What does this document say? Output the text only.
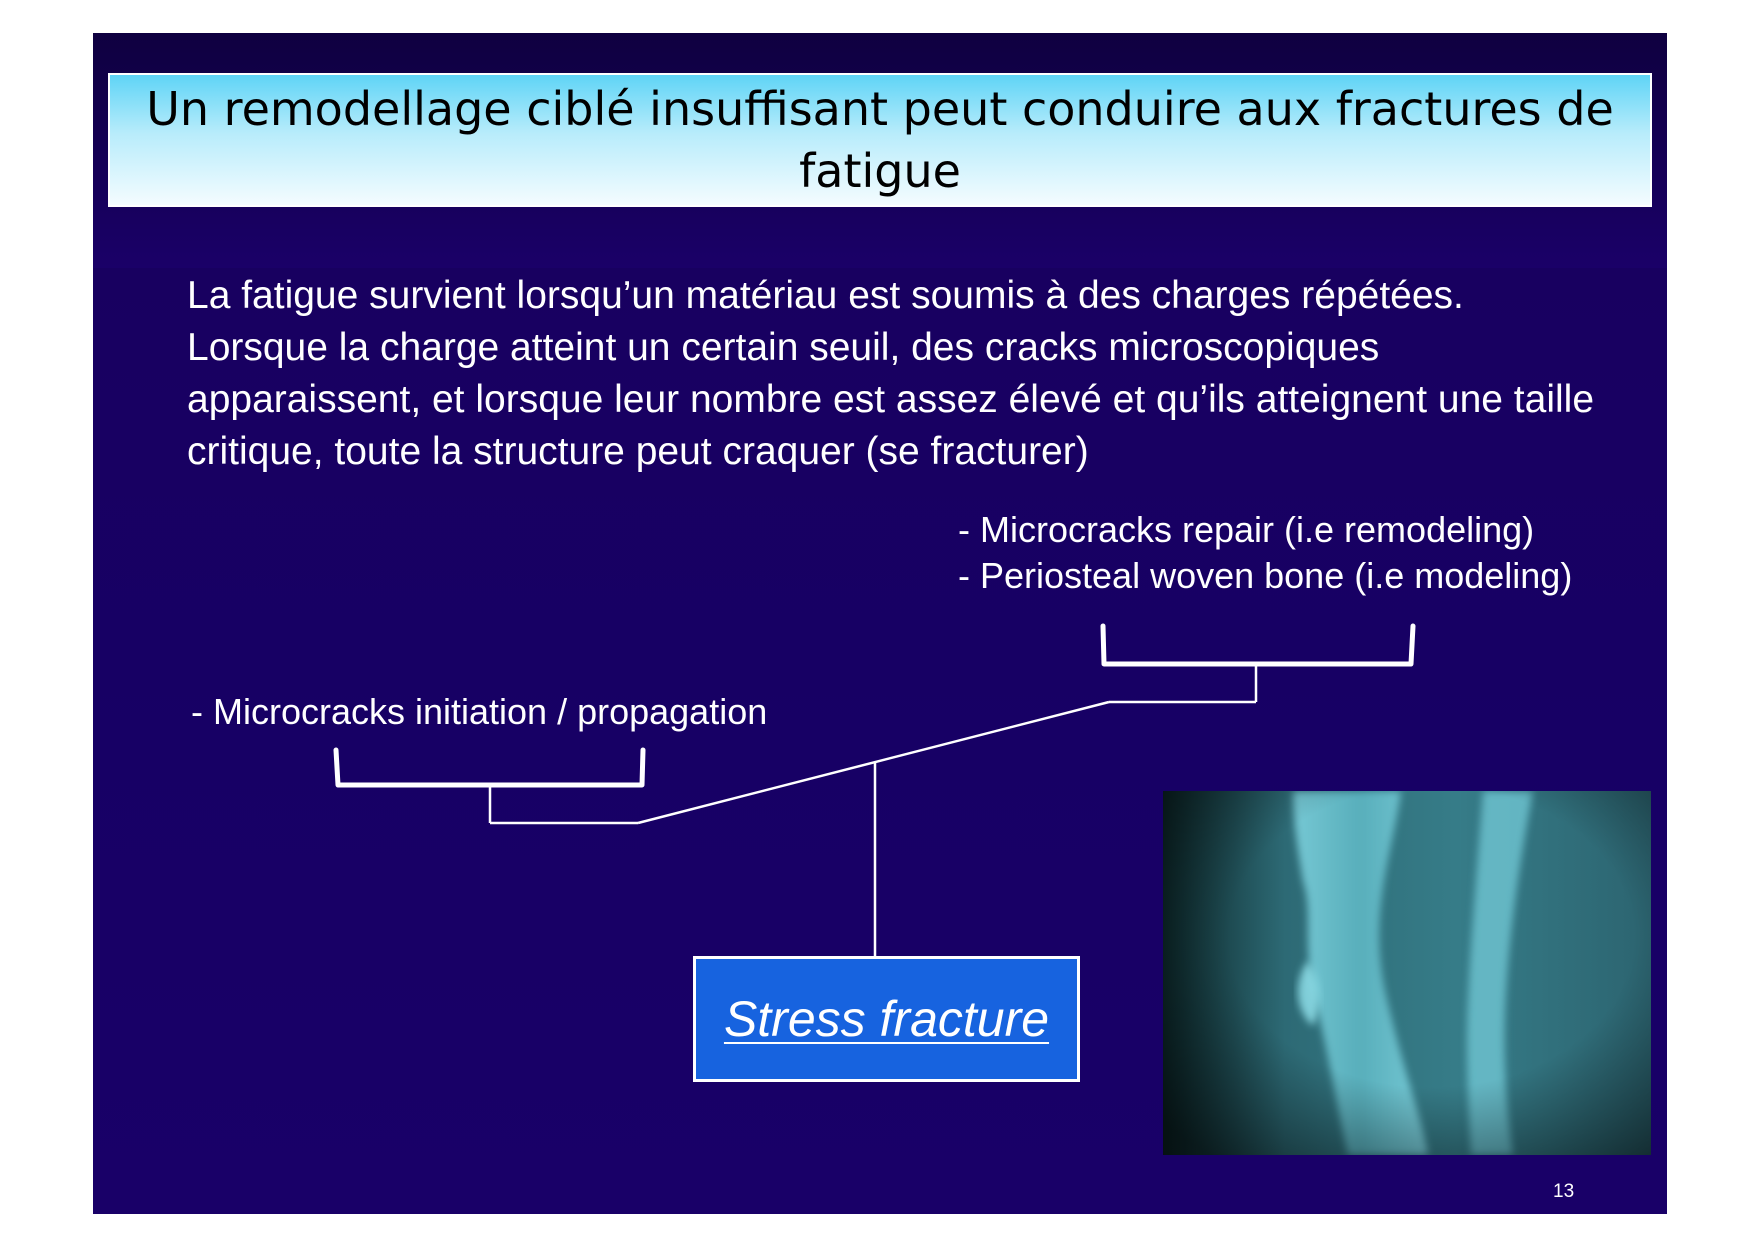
Un remodellage ciblé insuffisant peut conduire aux fractures de fatigue
La fatigue survient lorsqu’un matériau est soumis à des charges répétées. Lorsque la charge atteint un certain seuil, des cracks microscopiques apparaissent, et lorsque leur nombre est assez élevé et qu’ils atteignent une taille critique, toute la structure peut craquer (se fracturer)
- Microcracks repair (i.e remodeling)
- Periosteal woven bone (i.e modeling)
- Microcracks initiation / propagation
Stress fracture
13
